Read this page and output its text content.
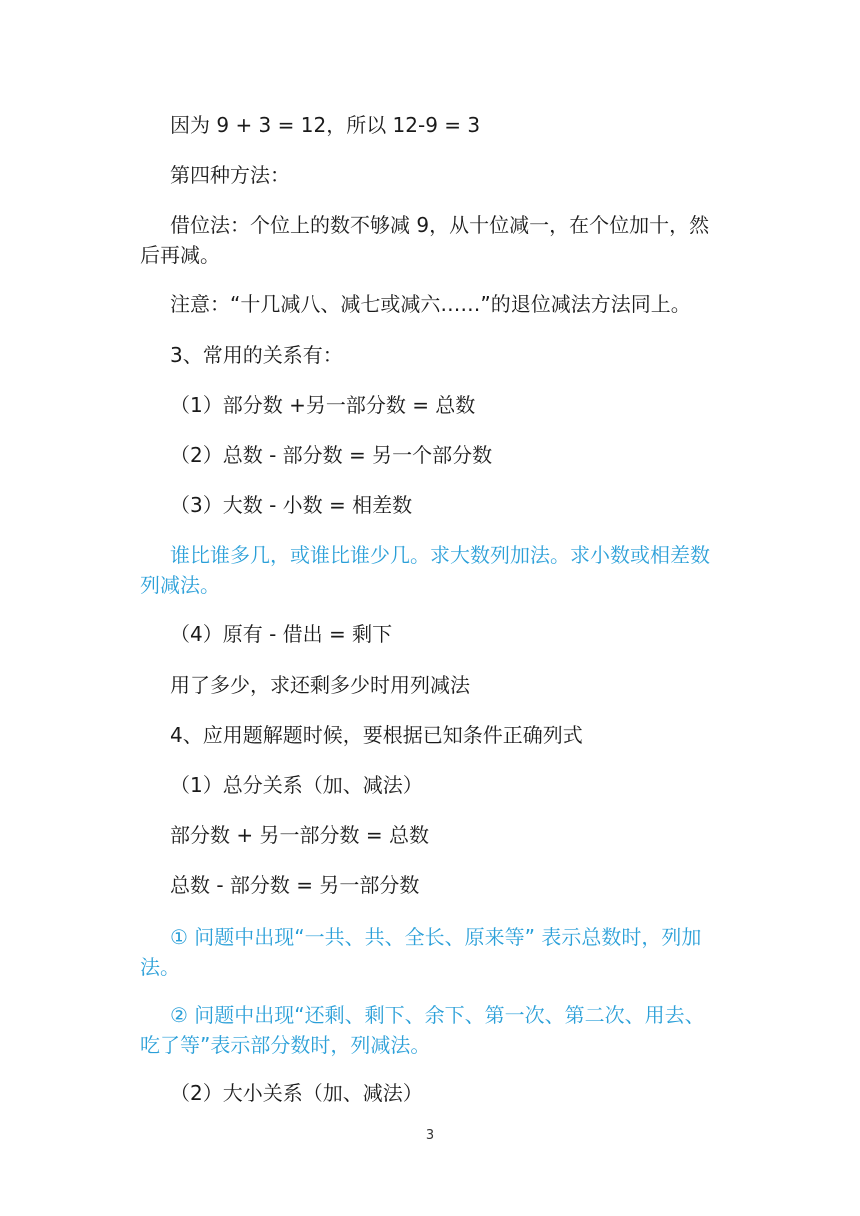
因为 9 + 3 = 12，所以 12-9 = 3
第四种方法：
借位法：个位上的数不够减 9，从十位减一，在个位加十，然后再减。
注意：“十几减八、减七或减六……”的退位减法方法同上。
3、常用的关系有：
（1）部分数 +另一部分数 = 总数
（2）总数 - 部分数 = 另一个部分数
（3）大数 - 小数 = 相差数
谁比谁多几，或谁比谁少几。求大数列加法。求小数或相差数列减法。
（4）原有 - 借出 = 剩下
用了多少，求还剩多少时用列减法
4、应用题解题时候，要根据已知条件正确列式
（1）总分关系（加、减法）
部分数 + 另一部分数 = 总数
总数 - 部分数 = 另一部分数
① 问题中出现“一共、共、全长、原来等” 表示总数时，列加法。
② 问题中出现“还剩、剩下、余下、第一次、第二次、用去、吃了等”表示部分数时，列减法。
（2）大小关系（加、减法）
3
